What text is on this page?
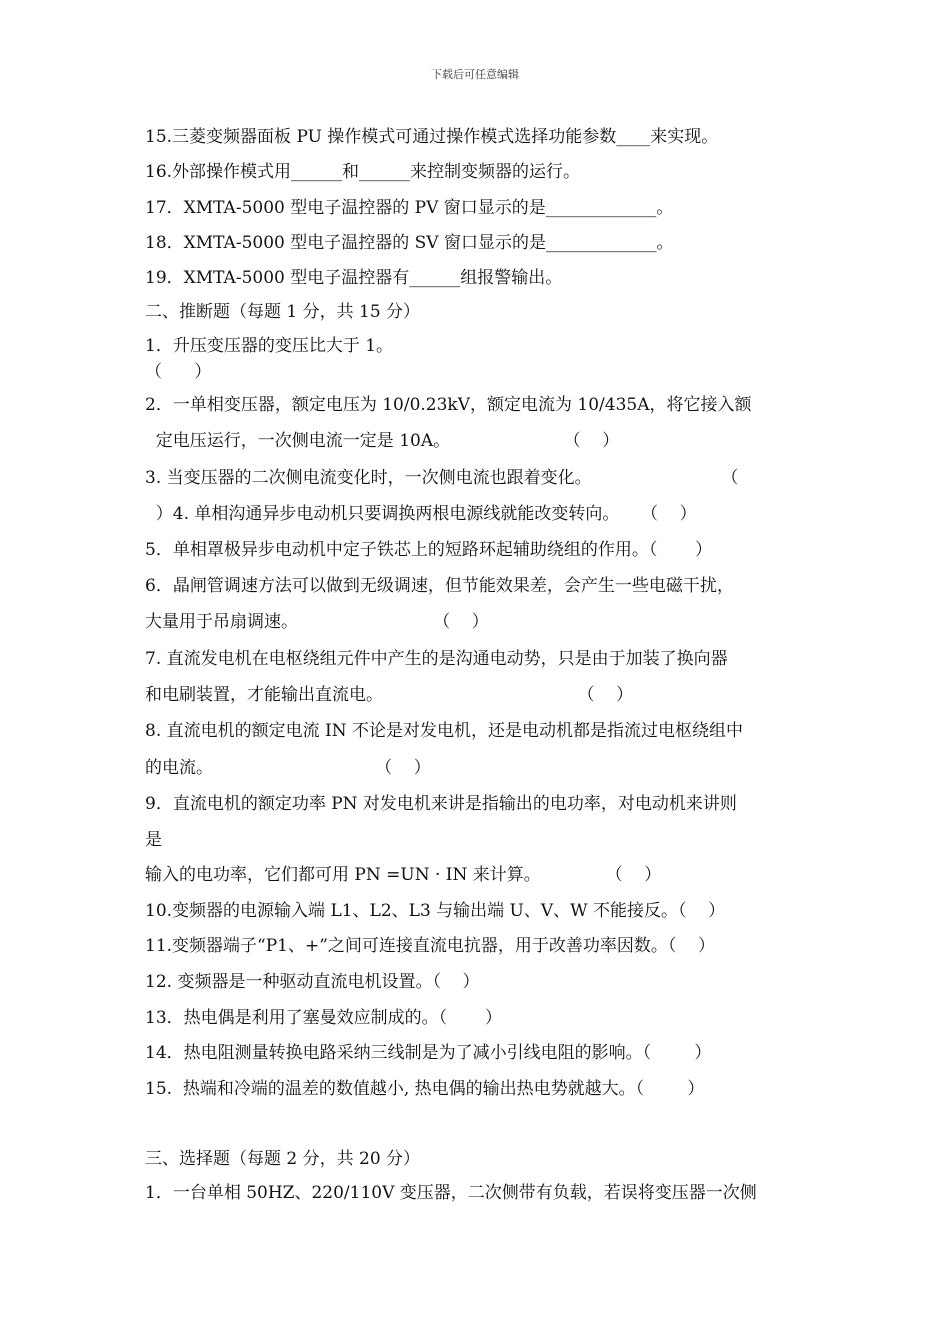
下载后可任意编辑
15.三菱变频器面板 PU 操作模式可通过操作模式选择功能参数____来实现。
16.外部操作模式用______和______来控制变频器的运行。
17．XMTA-5000 型电子温控器的 PV 窗口显示的是_____________。
18．XMTA-5000 型电子温控器的 SV 窗口显示的是_____________。
19．XMTA-5000 型电子温控器有______组报警输出。
二、推断题（每题 1 分，共 15 分）
1．升压变压器的变压比大于 1。
（      ）
2．一单相变压器，额定电压为 10/0.23kV，额定电流为 10/435A，将它接入额
定电压运行，一次侧电流一定是 10A。                     （    ）
3. 当变压器的二次侧电流变化时，一次侧电流也跟着变化。                        （
）4. 单相沟通异步电动机只要调换两根电源线就能改变转向。    （    ）
5．单相罩极异步电动机中定子铁芯上的短路环起辅助绕组的作用。（       ）
6．晶闸管调速方法可以做到无级调速，但节能效果差，会产生一些电磁干扰，
大量用于吊扇调速。                         （    ）
7. 直流发电机在电枢绕组元件中产生的是沟通电动势，只是由于加装了换向器
和电刷装置，才能输出直流电。                                    （    ）
8. 直流电机的额定电流 IN 不论是对发电机，还是电动机都是指流过电枢绕组中
的电流。                              （    ）
9．直流电机的额定功率 PN 对发电机来讲是指输出的电功率，对电动机来讲则
是
输入的电功率，它们都可用 PN =UN · IN 来计算。            （    ）
10.变频器的电源输入端 L1、L2、L3 与输出端 U、V、W 不能接反。（    ）
11.变频器端子“P1、+”之间可连接直流电抗器，用于改善功率因数。（    ）
12. 变频器是一种驱动直流电机设置。（    ）
13．热电偶是利用了塞曼效应制成的。（       ）
14．热电阻测量转换电路采纳三线制是为了减小引线电阻的影响。（        ）
15.  热端和冷端的温差的数值越小, 热电偶的输出热电势就越大。（        ）
三、选择题（每题 2 分，共 20 分）
1．一台单相 50HZ、220/110V 变压器，二次侧带有负载，若误将变压器一次侧
